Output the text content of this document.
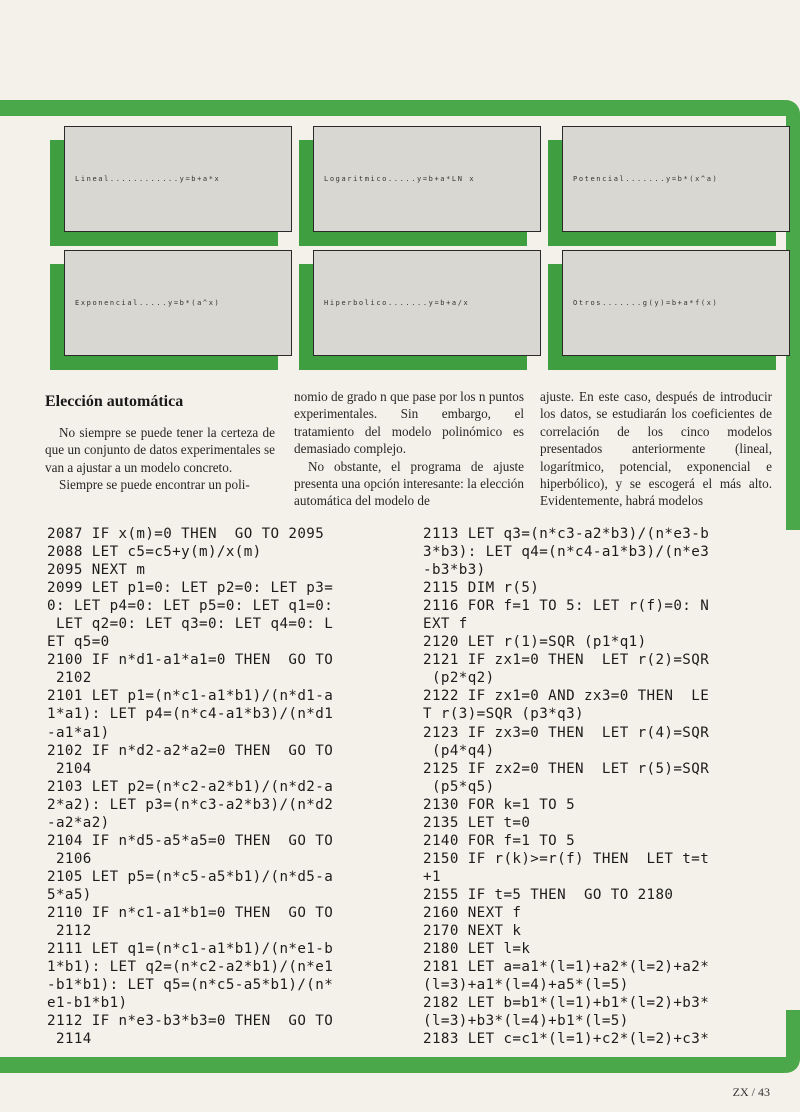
Lineal............y=b+a*x	Logaritmico.....y=b+a*LN x	Potencial.......y=b*(x^a)
Exponencial.....y=b*(a^x)	Hiperbolico.......y=b+a/x	Otros.......g(y)=b+a*f(x)
Elección automática

No siempre se puede tener la certeza de que un conjunto de datos experimentales se van a ajustar a un modelo concreto.

Siempre se puede encontrar un poli-

nomio de grado n que pase por los n puntos experimentales. Sin embargo, el tratamiento del modelo polinómico es demasiado complejo.

No obstante, el programa de ajuste presenta una opción interesante: la elección automática del modelo de

ajuste. En este caso, después de introducir los datos, se estudiarán los coeficientes de correlación de los cinco modelos presentados anteriormente (lineal, logarítmico, potencial, exponencial e hiperbólico), y se escogerá el más alto. Evidentemente, habrá modelos

2087 IF x(m)=0 THEN  GO TO 2095
2088 LET c5=c5+y(m)/x(m)
2095 NEXT m
2099 LET p1=0: LET p2=0: LET p3=
0: LET p4=0: LET p5=0: LET q1=0:
LET q2=0: LET q3=0: LET q4=0: L
ET q5=0
2100 IF n*d1-a1*a1=0 THEN  GO TO
2102
2101 LET p1=(n*c1-a1*b1)/(n*d1-a
1*a1): LET p4=(n*c4-a1*b3)/(n*d1
-a1*a1)
2102 IF n*d2-a2*a2=0 THEN  GO TO
2104
2103 LET p2=(n*c2-a2*b1)/(n*d2-a
2*a2): LET p3=(n*c3-a2*b3)/(n*d2
-a2*a2)
2104 IF n*d5-a5*a5=0 THEN  GO TO
2106
2105 LET p5=(n*c5-a5*b1)/(n*d5-a
5*a5)
2110 IF n*c1-a1*b1=0 THEN  GO TO
2112
2111 LET q1=(n*c1-a1*b1)/(n*e1-b
1*b1): LET q2=(n*c2-a2*b1)/(n*e1
-b1*b1): LET q5=(n*c5-a5*b1)/(n*
e1-b1*b1)
2112 IF n*e3-b3*b3=0 THEN  GO TO
2114
2113 LET q3=(n*c3-a2*b3)/(n*e3-b
3*b3): LET q4=(n*c4-a1*b3)/(n*e3
-b3*b3)
2115 DIM r(5)
2116 FOR f=1 TO 5: LET r(f)=0: N
EXT f
2120 LET r(1)=SQR (p1*q1)
2121 IF zx1=0 THEN  LET r(2)=SQR
(p2*q2)
2122 IF zx1=0 AND zx3=0 THEN  LE
T r(3)=SQR (p3*q3)
2123 IF zx3=0 THEN  LET r(4)=SQR
(p4*q4)
2125 IF zx2=0 THEN  LET r(5)=SQR
(p5*q5)
2130 FOR k=1 TO 5
2135 LET t=0
2140 FOR f=1 TO 5
2150 IF r(k)>=r(f) THEN  LET t=t
+1
2155 IF t=5 THEN  GO TO 2180
2160 NEXT f
2170 NEXT k
2180 LET l=k
2181 LET a=a1*(l=1)+a2*(l=2)+a2*
(l=3)+a1*(l=4)+a5*(l=5)
2182 LET b=b1*(l=1)+b1*(l=2)+b3*
(l=3)+b3*(l=4)+b1*(l=5)
2183 LET c=c1*(l=1)+c2*(l=2)+c3*
ZX / 43
